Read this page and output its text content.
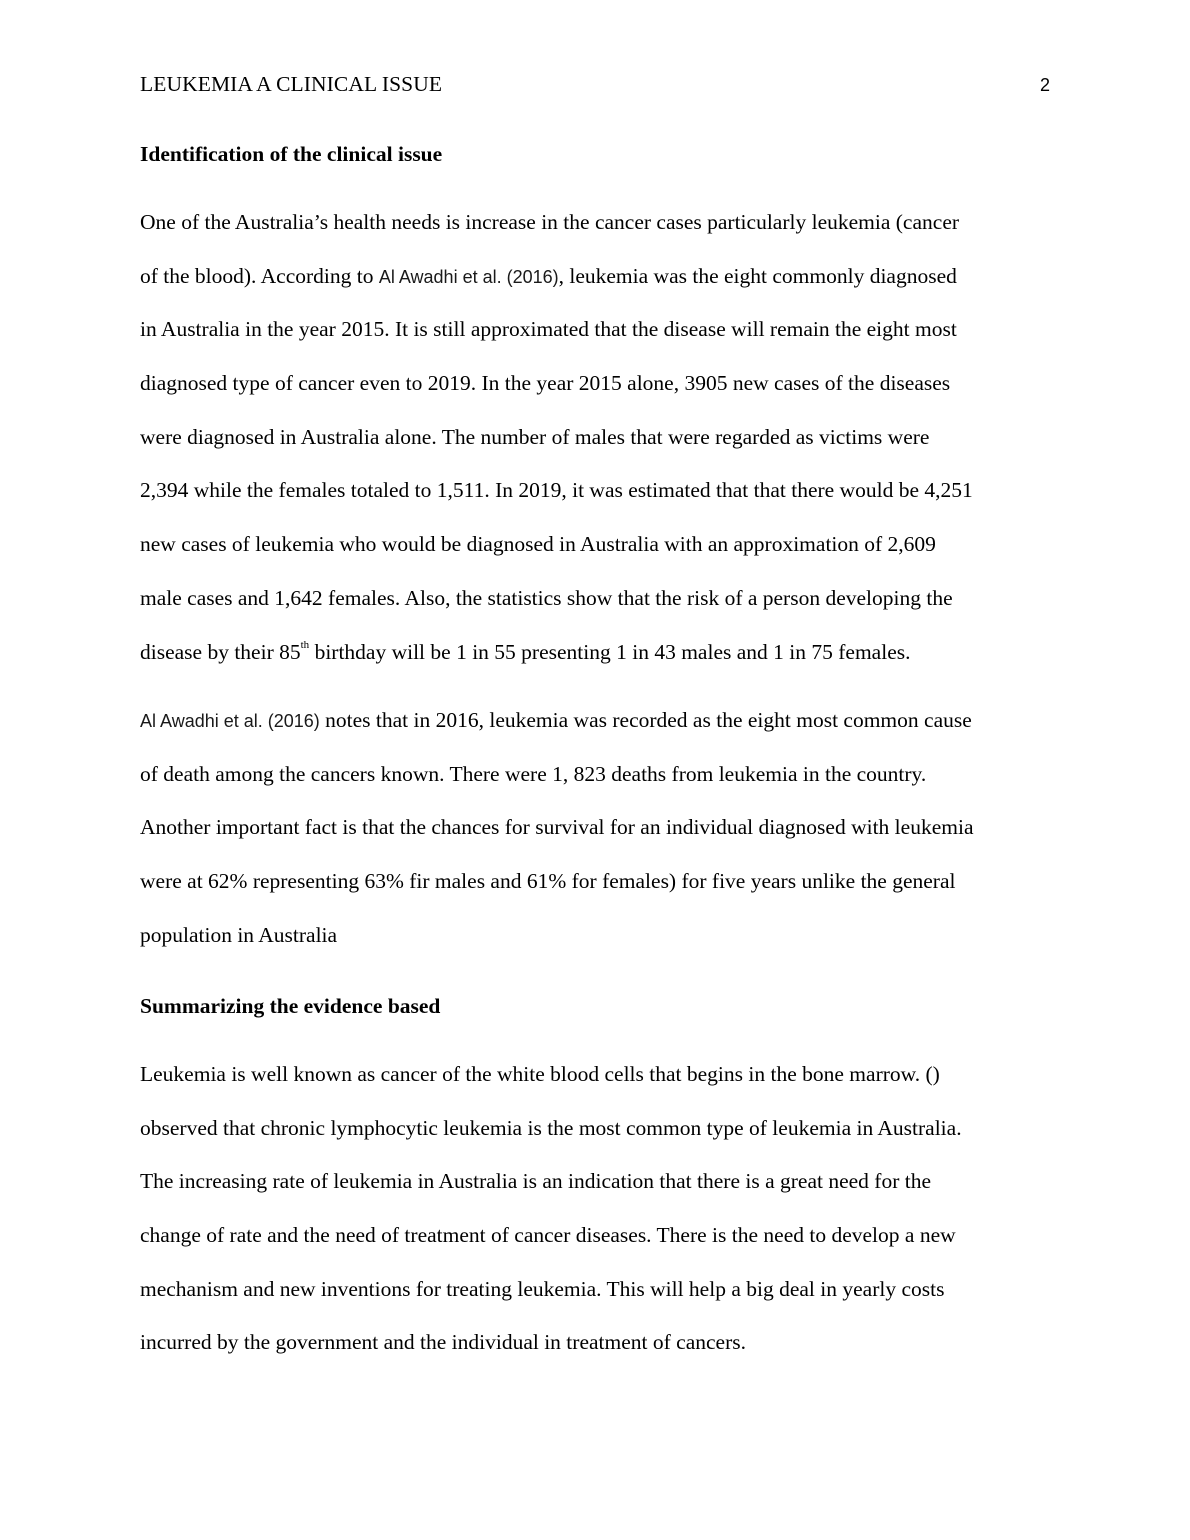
LEUKEMIA A CLINICAL ISSUE	2
Identification of the clinical issue
One of the Australia’s health needs is increase in the cancer cases particularly leukemia (cancer
of the blood). According to Al Awadhi et al. (2016), leukemia was the eight commonly diagnosed
in Australia in the year 2015. It is still approximated that the disease will remain the eight most
diagnosed type of cancer even to 2019. In the year 2015 alone, 3905 new cases of the diseases
were diagnosed in Australia alone. The number of males that were regarded as victims were
2,394 while the females totaled to 1,511. In 2019, it was estimated that that there would be 4,251
new cases of leukemia who would be diagnosed in Australia with an approximation of 2,609
male cases and 1,642 females. Also, the statistics show that the risk of a person developing the
disease by their 85th birthday will be 1 in 55 presenting 1 in 43 males and 1 in 75 females.
Al Awadhi et al. (2016) notes that in 2016, leukemia was recorded as the eight most common cause
of death among the cancers known. There were 1, 823 deaths from leukemia in the country.
Another important fact is that the chances for survival for an individual diagnosed with leukemia
were at 62% representing 63% fir males and 61% for females) for five years unlike the general
population in Australia
Summarizing the evidence based
Leukemia is well known as cancer of the white blood cells that begins in the bone marrow. ()
observed that chronic lymphocytic leukemia is the most common type of leukemia in Australia.
The increasing rate of leukemia in Australia is an indication that there is a great need for the
change of rate and the need of treatment of cancer diseases. There is the need to develop a new
mechanism and new inventions for treating leukemia. This will help a big deal in yearly costs
incurred by the government and the individual in treatment of cancers.
